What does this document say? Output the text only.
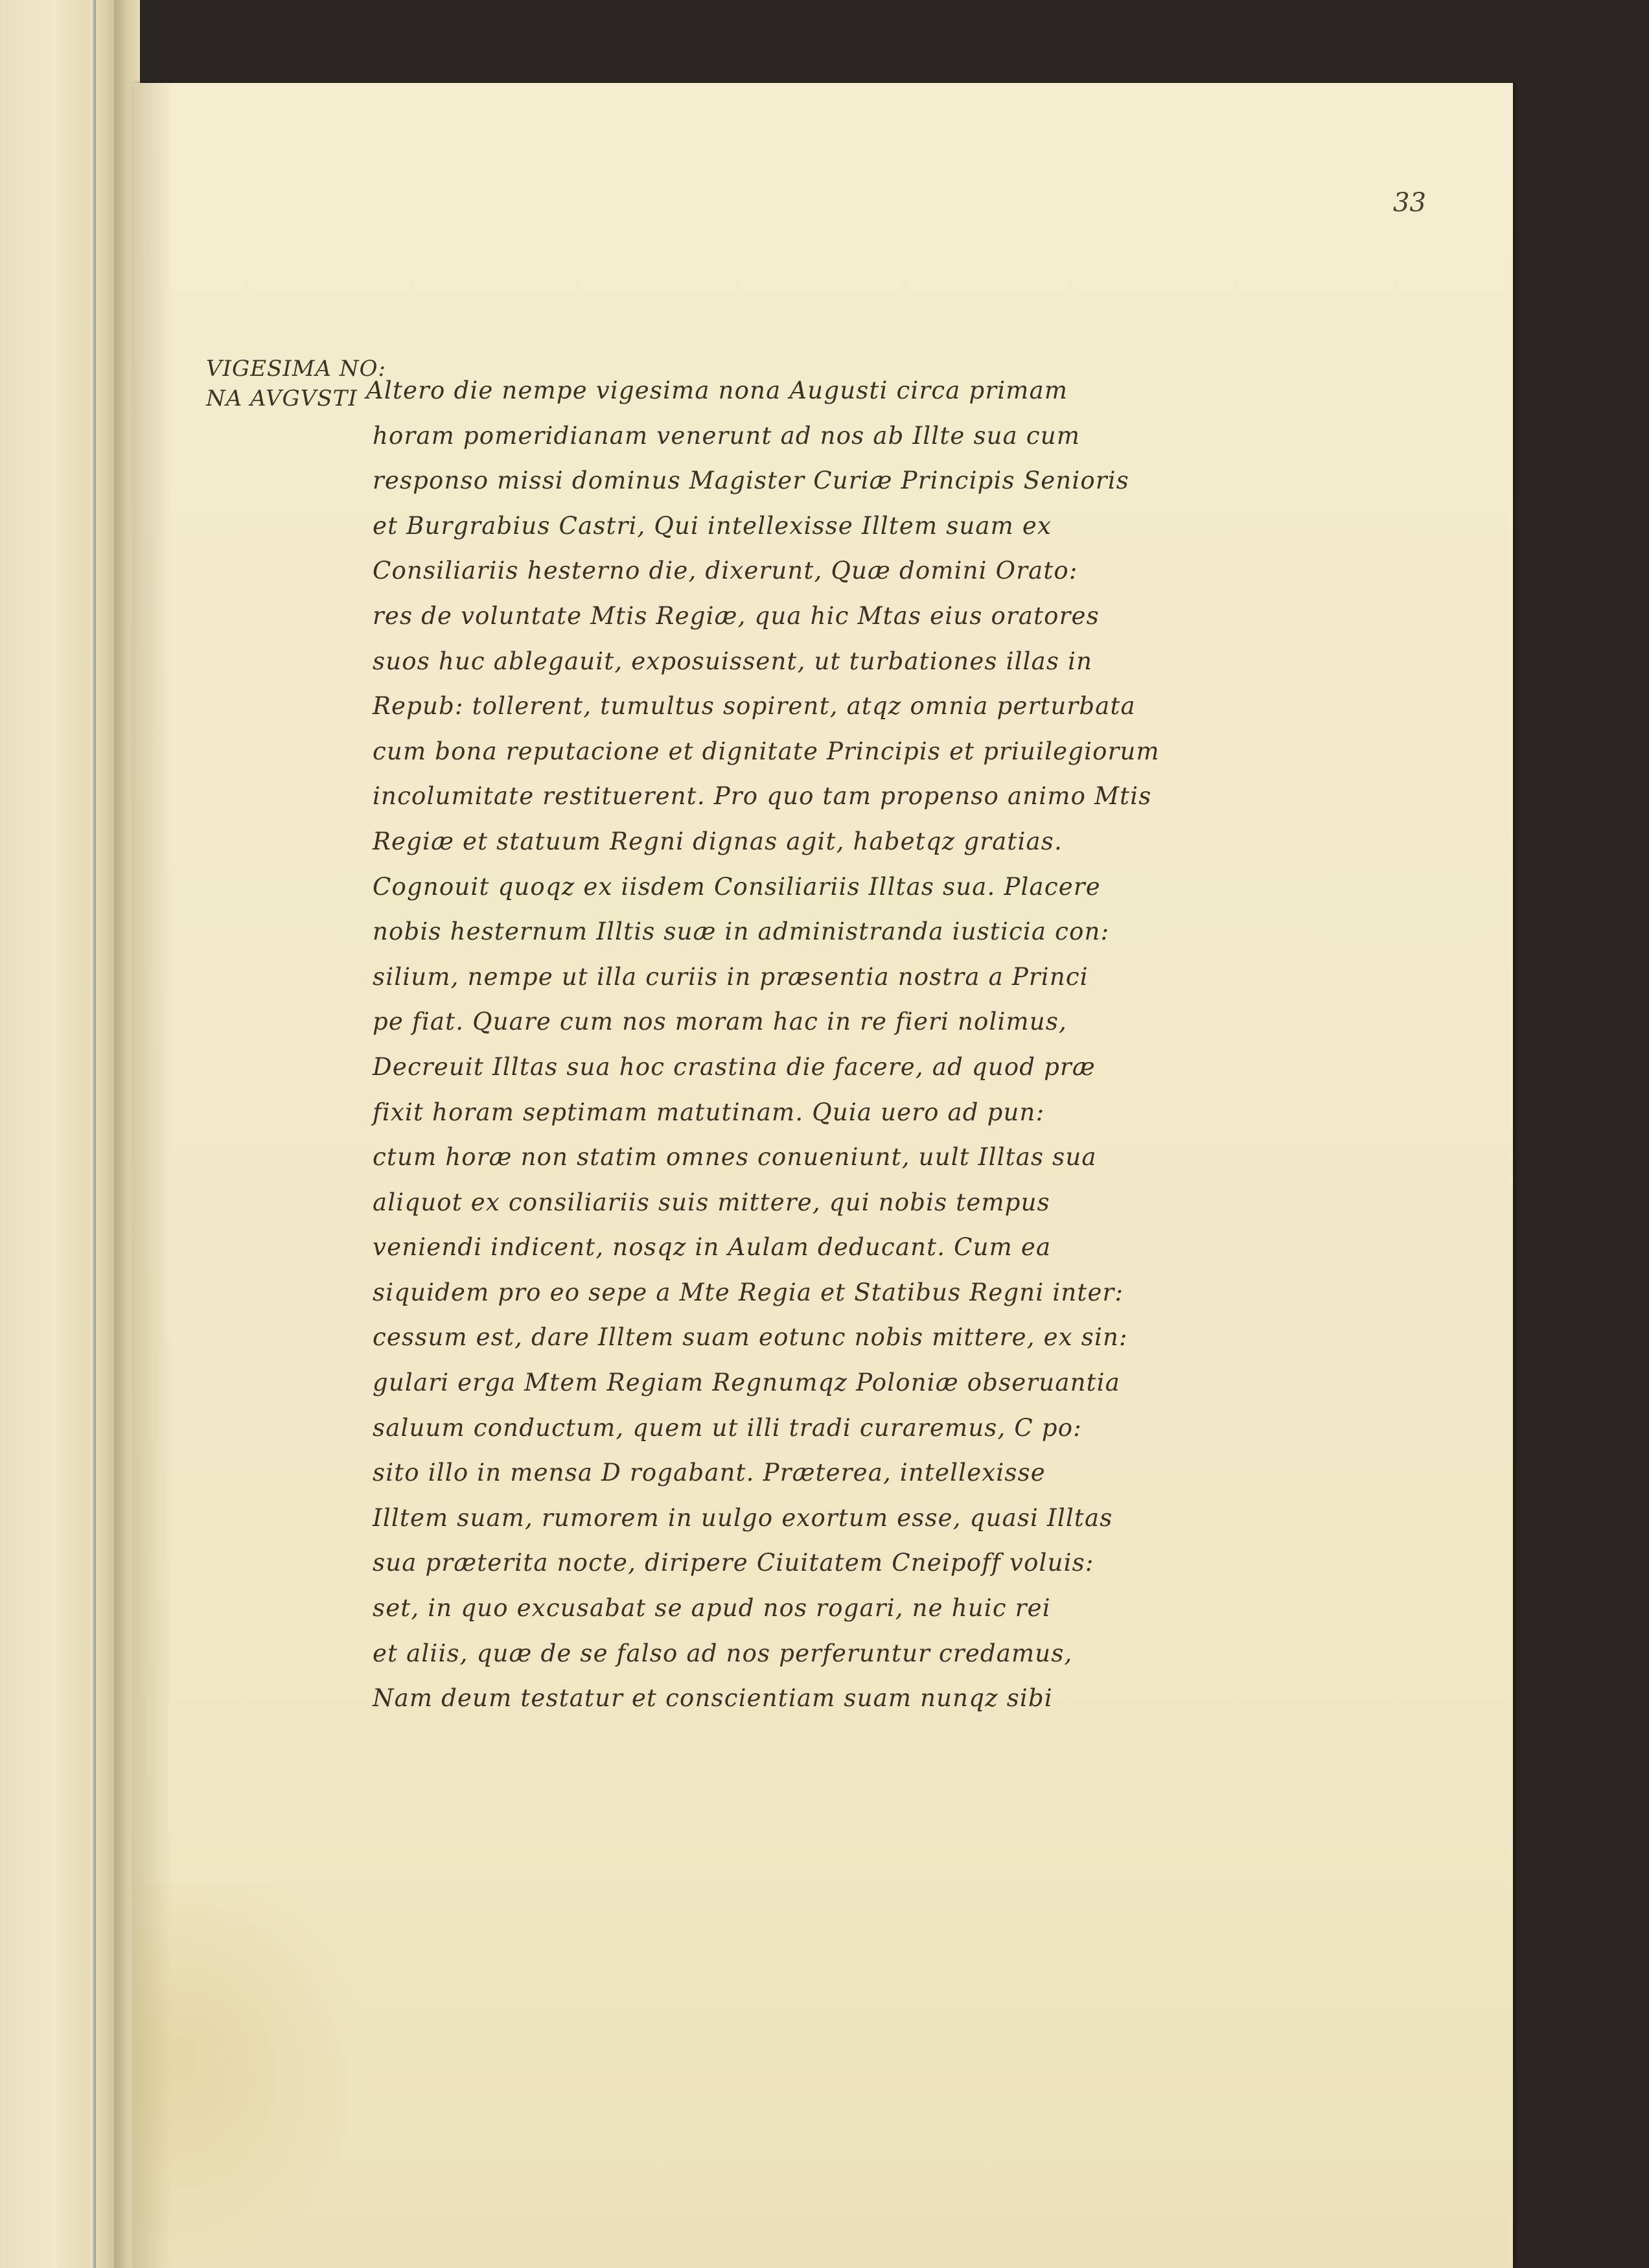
33
VIGESIMA NO:
NA AVGVSTI Altero die nempe vigesima nona Augusti circa primam
horam pomeridianam venerunt ad nos ab Illte sua cum
responso missi dominus Magister Curiæ Principis Senioris
et Burgrabius Castri, Qui intellexisse Illtem suam ex
Consiliariis hesterno die, dixerunt, Quæ domini Orato:
res de voluntate Mtis Regiæ, qua hic Mtas eius oratores
suos huc ablegauit, exposuissent, ut turbationes illas in
Repub: tollerent, tumultus sopirent, atqz omnia perturbata
cum bona reputacione et dignitate Principis et priuilegiorum
incolumitate restituerent. Pro quo tam propenso animo Mtis
Regiæ et statuum Regni dignas agit, habetqz gratias.
Cognouit quoqz ex iisdem Consiliariis Illtas sua. Placere
nobis hesternum Illtis suæ in administranda iusticia con:
silium, nempe ut illa curiis in præsentia nostra a Princi
pe fiat. Quare cum nos moram hac in re fieri nolimus,
Decreuit Illtas sua hoc crastina die facere, ad quod præ
fixit horam septimam matutinam. Quia uero ad pun:
ctum horæ non statim omnes conueniunt, uult Illtas sua
aliquot ex consiliariis suis mittere, qui nobis tempus
veniendi indicent, nosqz in Aulam deducant. Cum ea
siquidem pro eo sepe a Mte Regia et Statibus Regni inter:
cessum est, dare Illtem suam eotunc nobis mittere, ex sin:
gulari erga Mtem Regiam Regnumqz Poloniæ obseruantia
saluum conductum, quem ut illi tradi curaremus, C po:
sito illo in mensa D rogabant. Præterea, intellexisse
Illtem suam, rumorem in uulgo exortum esse, quasi Illtas
sua præterita nocte, diripere Ciuitatem Cneipoff voluis:
set, in quo excusabat se apud nos rogari, ne huic rei
et aliis, quæ de se falso ad nos perferuntur credamus,
Nam deum testatur et conscientiam suam nunqz sibi
